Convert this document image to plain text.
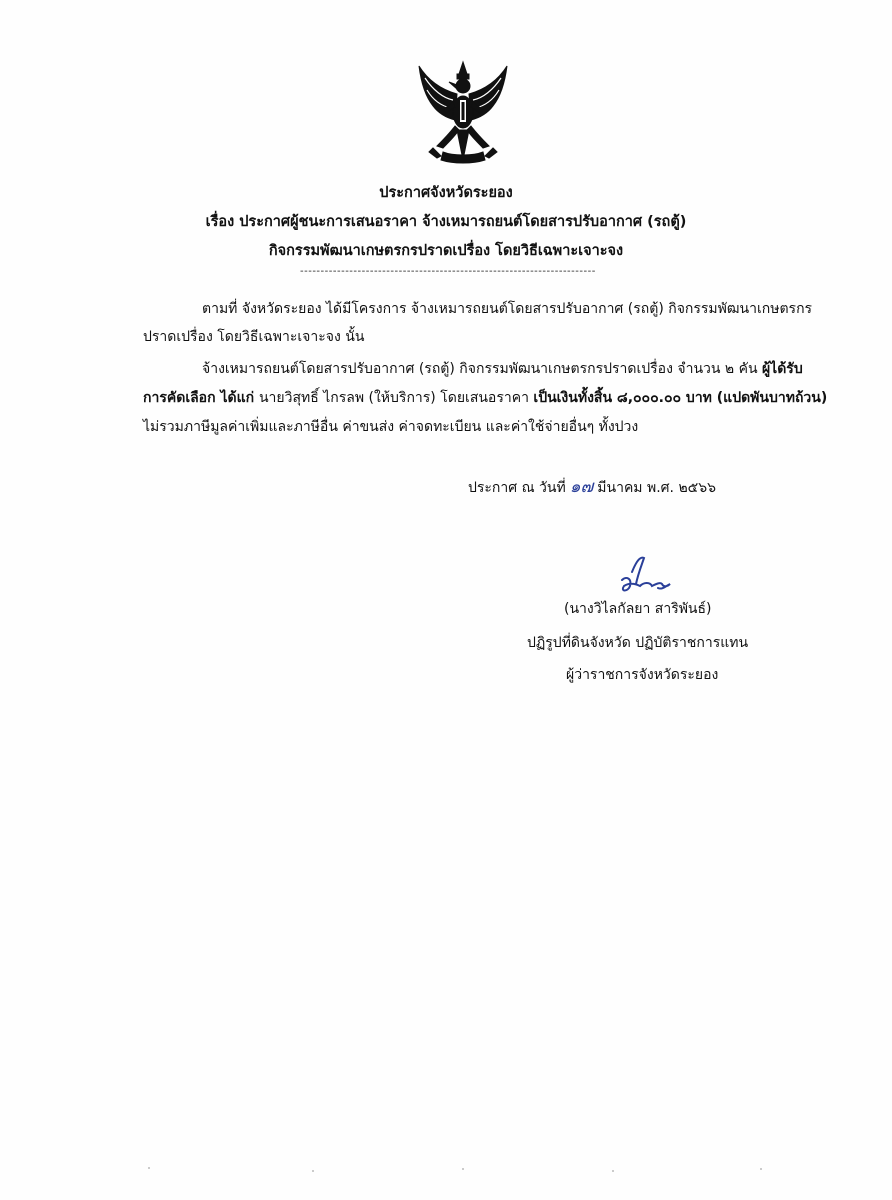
ประกาศจังหวัดระยอง
เรื่อง ประกาศผู้ชนะการเสนอราคา จ้างเหมารถยนต์โดยสารปรับอากาศ (รถตู้)
กิจกรรมพัฒนาเกษตรกรปราดเปรื่อง โดยวิธีเฉพาะเจาะจง
------------------------------------------------------------------------
ตามที่ จังหวัดระยอง ได้มีโครงการ จ้างเหมารถยนต์โดยสารปรับอากาศ (รถตู้) กิจกรรมพัฒนาเกษตรกร
ปราดเปรื่อง โดยวิธีเฉพาะเจาะจง นั้น
จ้างเหมารถยนต์โดยสารปรับอากาศ (รถตู้) กิจกรรมพัฒนาเกษตรกรปราดเปรื่อง จำนวน ๒ คัน ผู้ได้รับ
การคัดเลือก ได้แก่ นายวิสุทธิ์ ไกรลพ (ให้บริการ) โดยเสนอราคา เป็นเงินทั้งสิ้น ๘,๐๐๐.๐๐ บาท (แปดพันบาทถ้วน)
ไม่รวมภาษีมูลค่าเพิ่มและภาษีอื่น ค่าขนส่ง ค่าจดทะเบียน และค่าใช้จ่ายอื่นๆ ทั้งปวง
ประกาศ ณ วันที่ ๑๗ มีนาคม พ.ศ. ๒๕๖๖
(นางวิไลกัลยา สาริพันธ์)
ปฏิรูปที่ดินจังหวัด ปฏิบัติราชการแทน
ผู้ว่าราชการจังหวัดระยอง
